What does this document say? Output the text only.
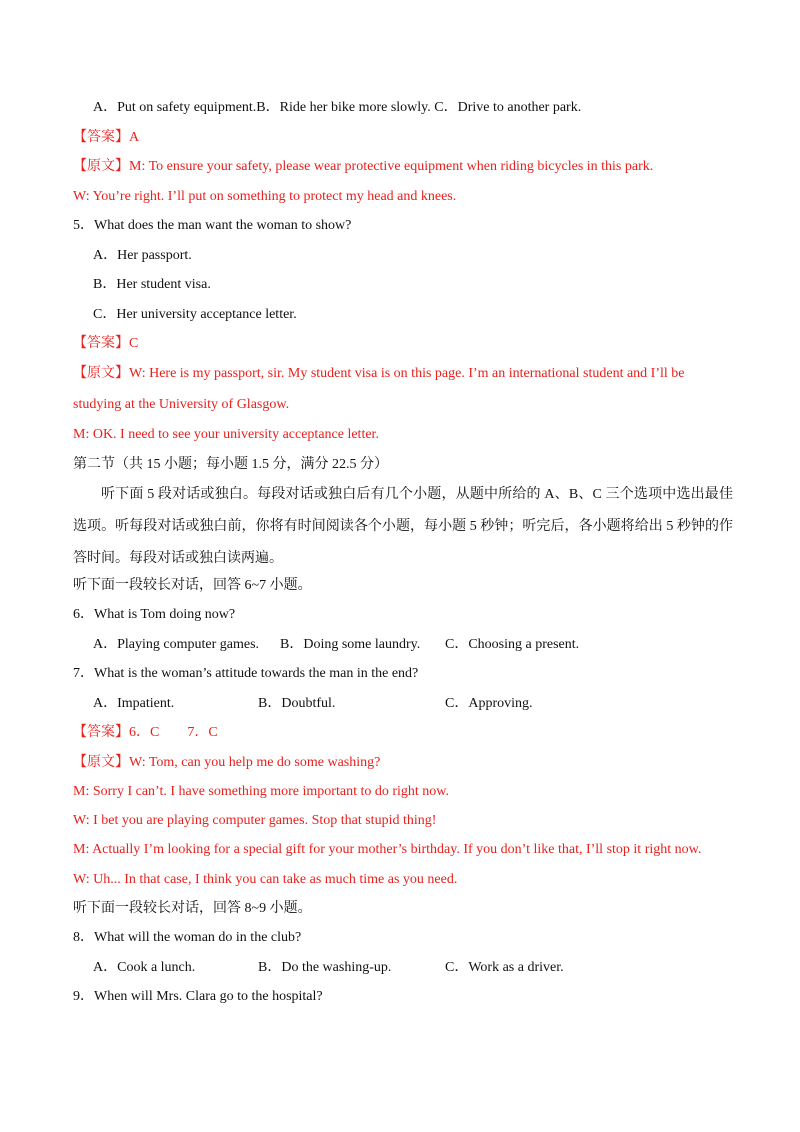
A．Put on safety equipment.B．Ride her bike more slowly. C．Drive to another park.
【答案】A
【原文】M: To ensure your safety, please wear protective equipment when riding bicycles in this park.
W: You’re right. I’ll put on something to protect my head and knees.
5．What does the man want the woman to show?
A．Her passport.
B．Her student visa.
C．Her university acceptance letter.
【答案】C
【原文】W: Here is my passport, sir. My student visa is on this page. I’m an international student and I’ll be
studying at the University of Glasgow.
M: OK. I need to see your university acceptance letter.
第二节（共 15 小题；每小题 1.5 分，满分 22.5 分）
听下面 5 段对话或独白。每段对话或独白后有几个小题，从题中所给的 A、B、C 三个选项中选出最佳选项。听每段对话或独白前，你将有时间阅读各个小题，每小题 5 秒钟；听完后，各小题将给出 5 秒钟的作答时间。每段对话或独白读两遍。
听下面一段较长对话，回答 6~7 小题。
6．What is Tom doing now?
A．Playing computer games. B．Doing some laundry. C．Choosing a present.
7．What is the woman’s attitude towards the man in the end?
A．Impatient.	B．Doubtful.	C．Approving.
【答案】6．C        7．C
【原文】W: Tom, can you help me do some washing?
M: Sorry I can’t. I have something more important to do right now.
W: I bet you are playing computer games. Stop that stupid thing!
M: Actually I’m looking for a special gift for your mother’s birthday. If you don’t like that, I’ll stop it right now.
W: Uh... In that case, I think you can take as much time as you need.
听下面一段较长对话，回答 8~9 小题。
8．What will the woman do in the club?
A．Cook a lunch.	B．Do the washing-up.	C．Work as a driver.
9．When will Mrs. Clara go to the hospital?
